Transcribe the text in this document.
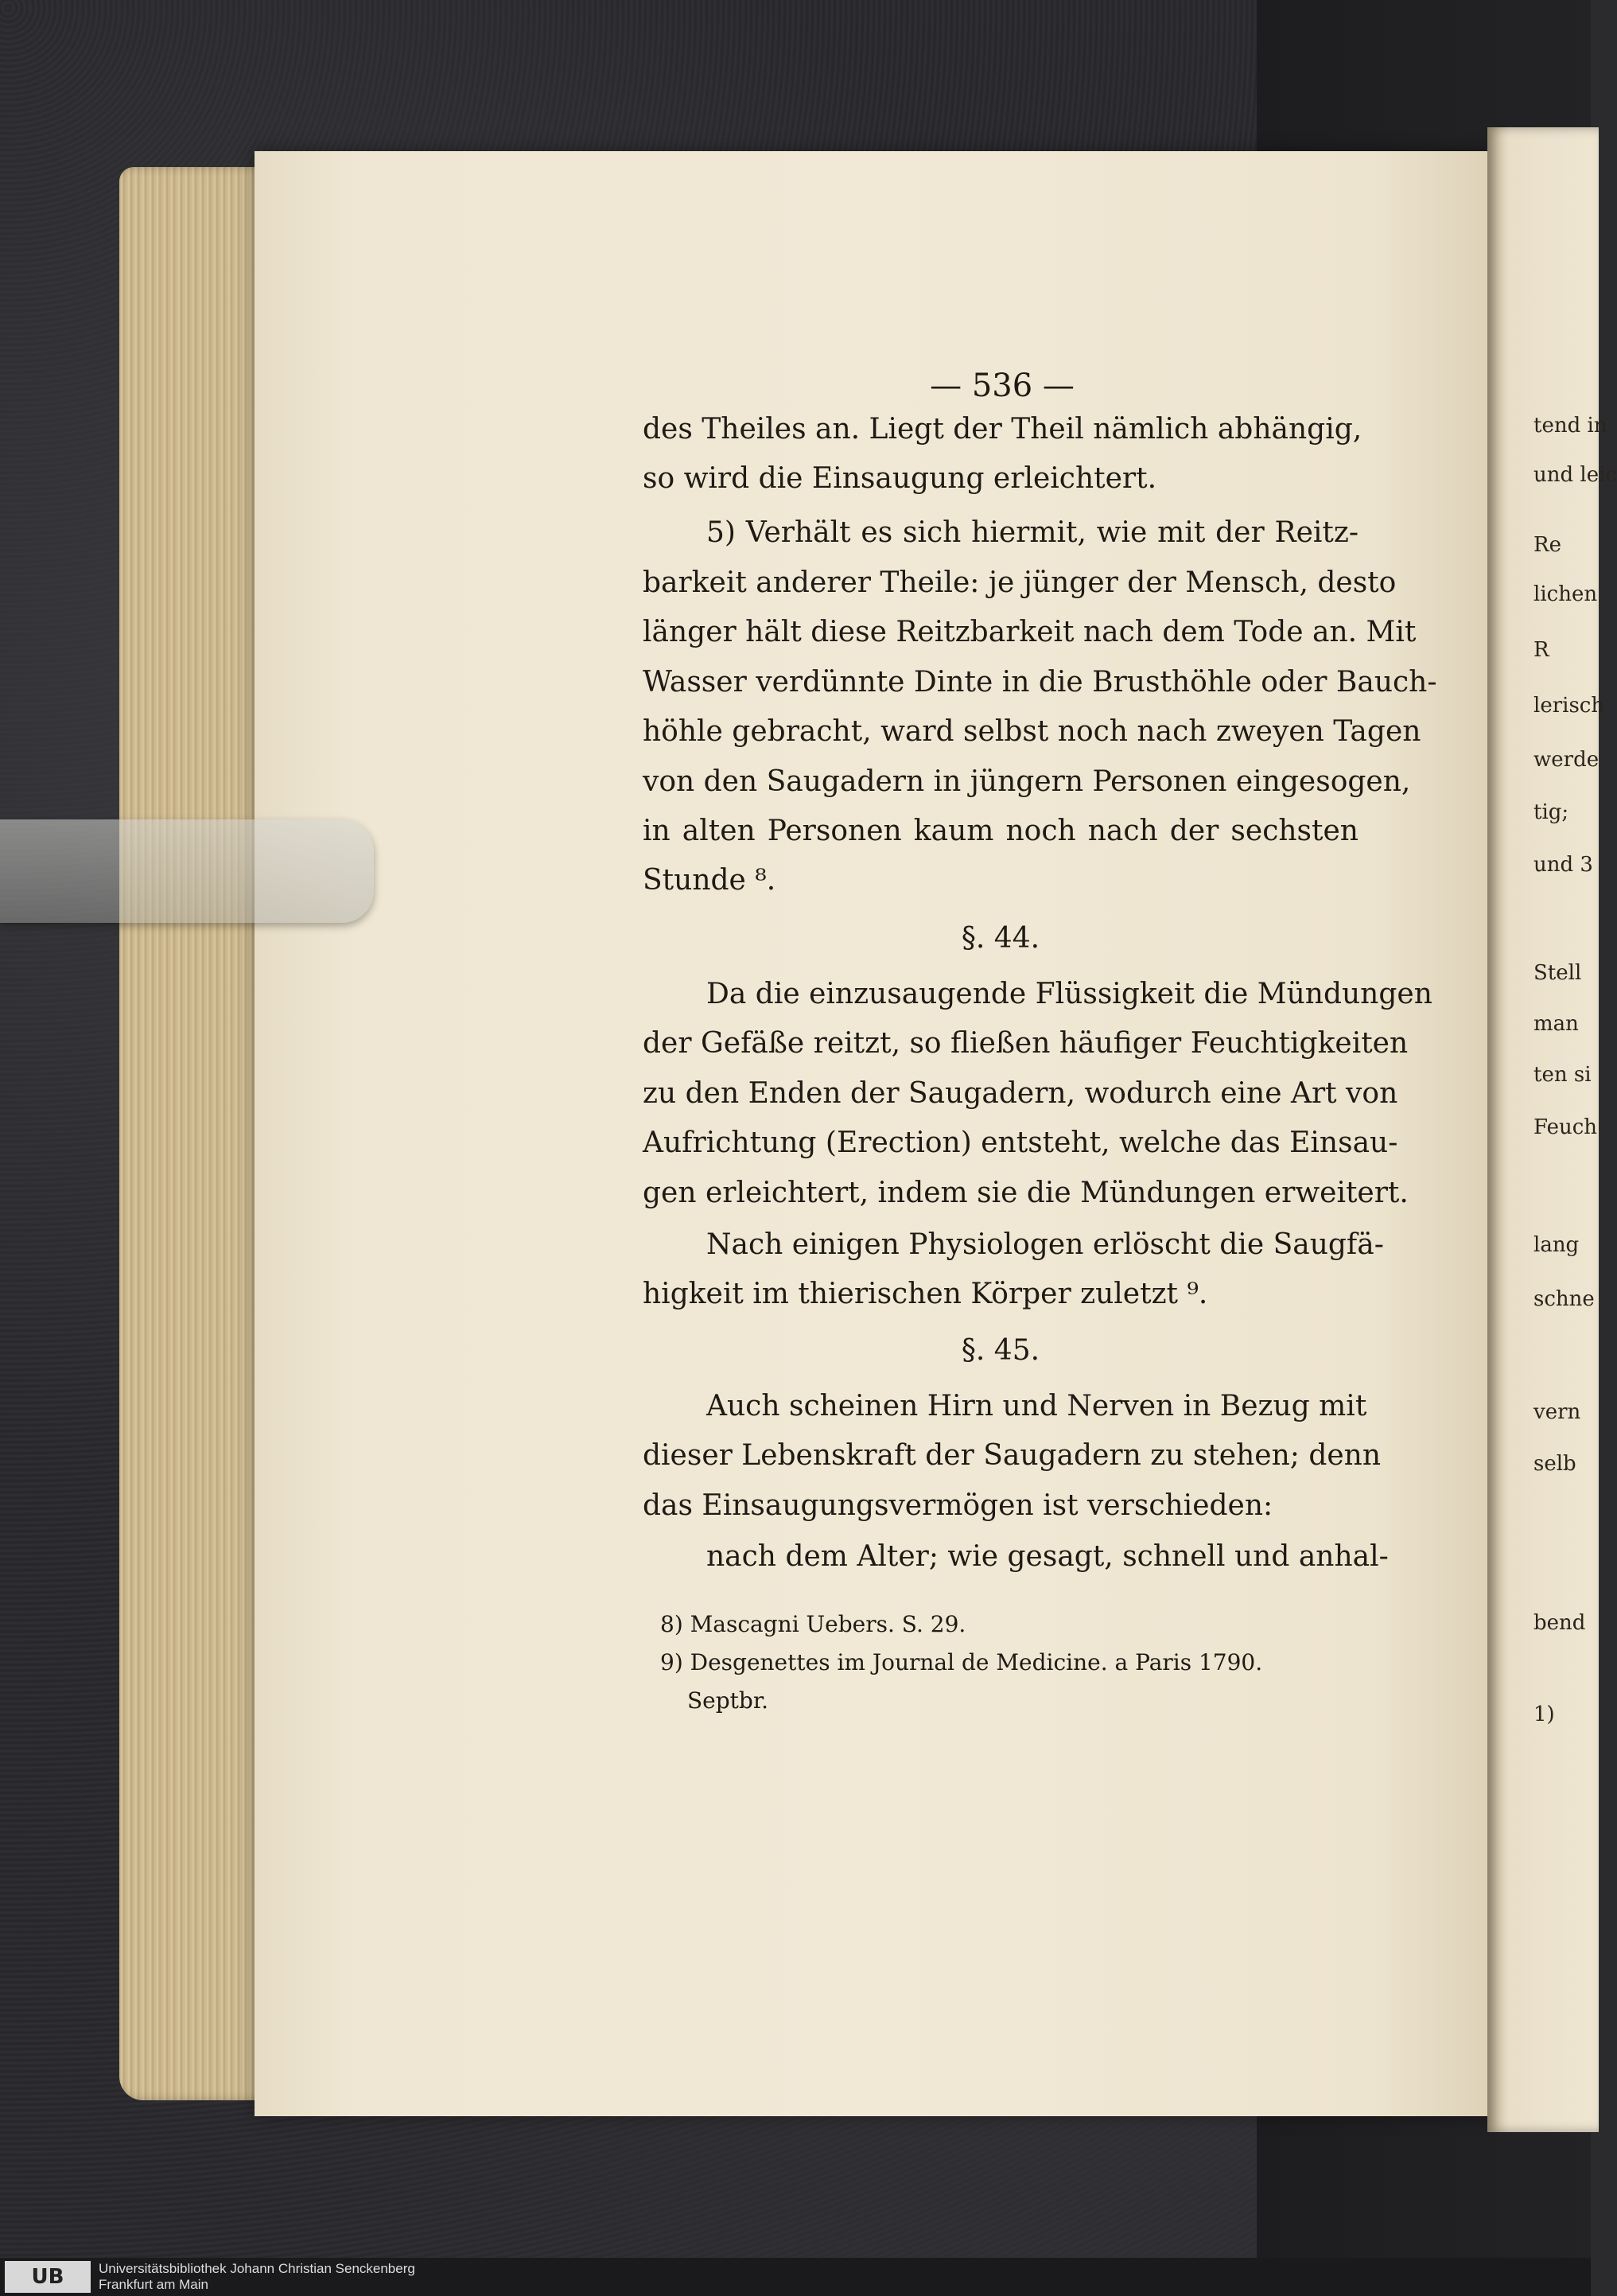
— 536 —
des Theiles an. Liegt der Theil nämlich abhängig,
so wird die Einsaugung erleichtert.
5) Verhält es sich hiermit, wie mit der Reitz-
barkeit anderer Theile: je jünger der Mensch, desto
länger hält diese Reitzbarkeit nach dem Tode an. Mit
Wasser verdünnte Dinte in die Brusthöhle oder Bauch-
höhle gebracht, ward selbst noch nach zweyen Tagen
von den Saugadern in jüngern Personen eingesogen,
in alten Personen kaum noch nach der sechsten
Stunde ⁸.
§. 44.
Da die einzusaugende Flüssigkeit die Mündungen
der Gefäße reitzt, so fließen häufiger Feuchtigkeiten
zu den Enden der Saugadern, wodurch eine Art von
Aufrichtung (Erection) entsteht, welche das Einsau-
gen erleichtert, indem sie die Mündungen erweitert.
Nach einigen Physiologen erlöscht die Saugfä-
higkeit im thierischen Körper zuletzt ⁹.
§. 45.
Auch scheinen Hirn und Nerven in Bezug mit
dieser Lebenskraft der Saugadern zu stehen; denn
das Einsaugungsvermögen ist verschieden:
nach dem Alter; wie gesagt, schnell und anhal-
8) Mascagni Uebers. S. 29.
9) Desgenettes im Journal de Medicine. a Paris 1790.
Septbr.
tend in
und leic
Re
lichen
R
lerisch
werde
tig;
und 3
Stell
man
ten si
Feuch
lang
schne
vern
selb
bend
1)
UB	Universitätsbibliothek Johann Christian Senckenberg
Frankfurt am Main
